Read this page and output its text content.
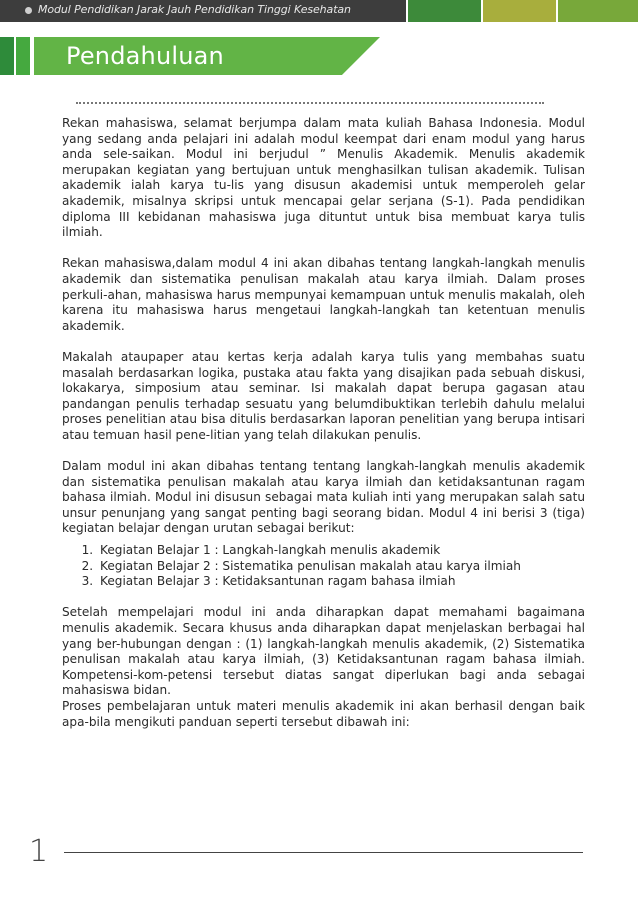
Modul Pendidikan Jarak Jauh Pendidikan Tinggi Kesehatan
Pendahuluan

Rekan mahasiswa, selamat berjumpa dalam mata kuliah Bahasa Indonesia. Modul yang sedang anda pelajari ini adalah modul keempat dari enam modul yang harus anda sele-saikan. Modul ini berjudul ” Menulis Akademik. Menulis akademik merupakan kegiatan yang bertujuan untuk menghasilkan tulisan akademik. Tulisan akademik ialah karya tu-lis yang disusun akademisi untuk memperoleh gelar akademik, misalnya skripsi untuk mencapai gelar serjana (S-1). Pada pendidikan diploma III kebidanan mahasiswa juga dituntut untuk bisa membuat karya tulis ilmiah.

Rekan mahasiswa,dalam modul 4 ini akan dibahas tentang langkah-langkah menulis akademik dan sistematika penulisan makalah atau karya ilmiah. Dalam proses perkuli-ahan, mahasiswa harus mempunyai kemampuan untuk menulis makalah, oleh karena itu mahasiswa harus mengetaui langkah-langkah tan ketentuan menulis akademik.

Makalah ataupaper atau kertas kerja adalah karya tulis yang membahas suatu masalah berdasarkan logika, pustaka atau fakta yang disajikan pada sebuah diskusi, lokakarya, simposium atau seminar. Isi makalah dapat berupa gagasan atau pandangan penulis terhadap sesuatu yang belumdibuktikan terlebih dahulu melalui proses penelitian atau bisa ditulis berdasarkan laporan penelitian yang berupa intisari atau temuan hasil pene-litian yang telah dilakukan penulis.

Dalam modul ini akan dibahas tentang tentang langkah-langkah menulis akademik dan sistematika penulisan makalah atau karya ilmiah dan ketidaksantunan ragam bahasa ilmiah. Modul ini disusun sebagai mata kuliah inti yang merupakan salah satu unsur penunjang yang sangat penting bagi seorang bidan. Modul 4 ini berisi 3 (tiga) kegiatan belajar dengan urutan sebagai berikut:

1. Kegiatan Belajar 1 : Langkah-langkah menulis akademik
2. Kegiatan Belajar 2 : Sistematika penulisan makalah atau karya ilmiah
3. Kegiatan Belajar 3 : Ketidaksantunan ragam bahasa ilmiah

Setelah mempelajari modul ini anda diharapkan dapat memahami bagaimana menulis akademik. Secara khusus anda diharapkan dapat menjelaskan berbagai hal yang ber-hubungan dengan : (1) langkah-langkah menulis akademik, (2) Sistematika penulisan makalah atau karya ilmiah, (3) Ketidaksantunan ragam bahasa ilmiah. Kompetensi-kom-petensi tersebut diatas sangat diperlukan bagi anda sebagai mahasiswa bidan.

Proses pembelajaran untuk materi menulis akademik ini akan berhasil dengan baik apa-bila mengikuti panduan seperti tersebut dibawah ini:

1
